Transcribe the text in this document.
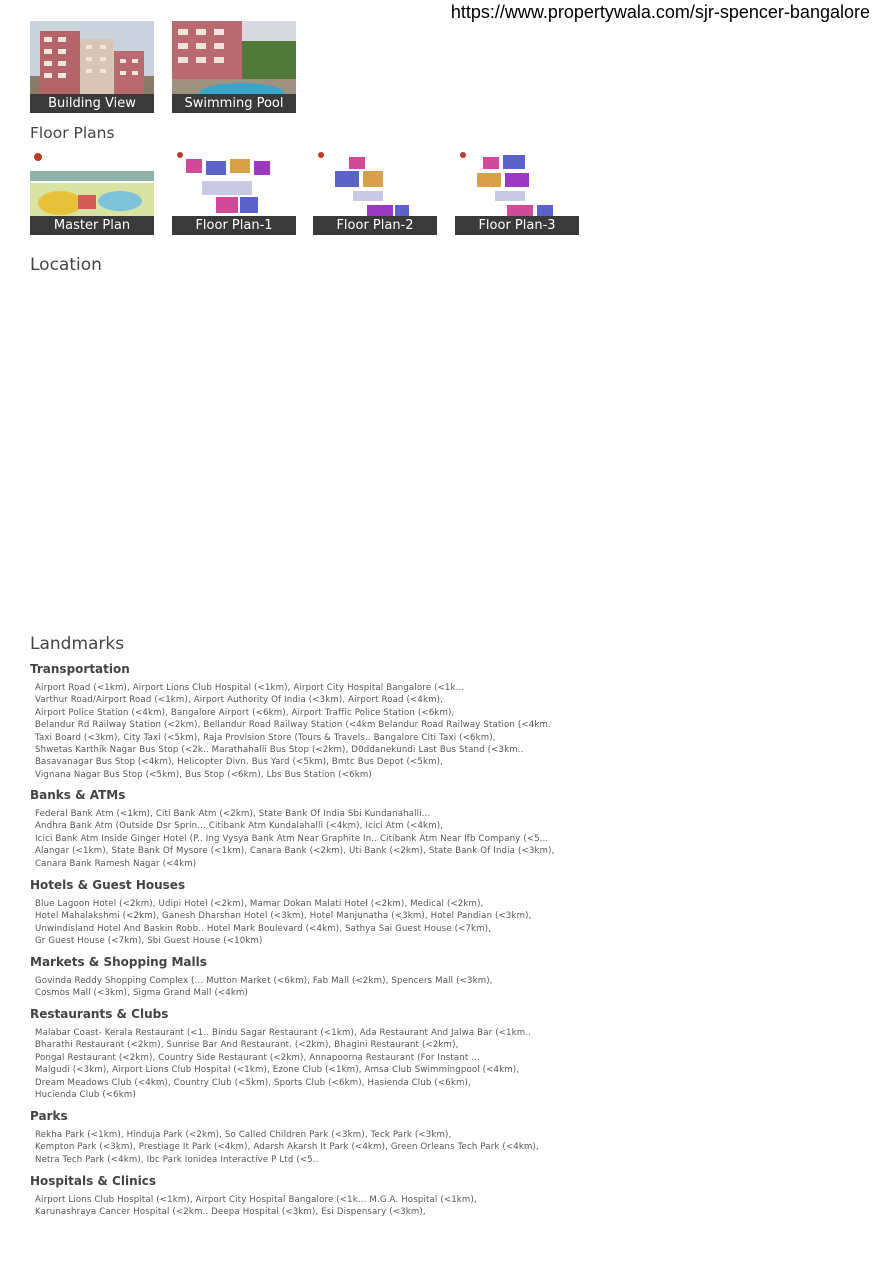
https://www.propertywala.com/sjr-spencer-bangalore
Building View	Swimming Pool
Floor Plans
Master Plan	Floor Plan-1	Floor Plan-2	Floor Plan-3
Location
Landmarks
Transportation
Airport Road (<1km), Airport Lions Club Hospital (<1km), Airport City Hospital Bangalore (<1k...
Varthur Road/Airport Road (<1km), Airport Authority Of India (<3km), Airport Road (<4km),
Airport Police Station (<4km), Bangalore Airport (<6km), Airport Traffic Police Station (<6km),
Belandur Rd Railway Station (<2km), Bellandur Road Railway Station (<4km Belandur Road Railway Station (<4km.
Taxi Board (<3km), City Taxi (<5km), Raja Provision Store (Tours & Travels.. Bangalore Citi Taxi (<6km),
Shwetas Karthik Nagar Bus Stop (<2k.. Marathahalli Bus Stop (<2km), D0ddanekundi Last Bus Stand (<3km..
Basavanagar Bus Stop (<4km), Helicopter Divn. Bus Yard (<5km), Bmtc Bus Depot (<5km),
Vignana Nagar Bus Stop (<5km), Bus Stop (<6km), Lbs Bus Station (<6km)
Banks & ATMs
Federal Bank Atm (<1km), Citi Bank Atm (<2km), State Bank Of India Sbi Kundanahalli...
Andhra Bank Atm (Outside Dsr Sprin... Citibank Atm Kundalahalli (<4km), Icici Atm (<4km),
Icici Bank Atm Inside Ginger Hotel (P.. Ing Vysya Bank Atm Near Graphite In.. Citibank Atm Near Ifb Company (<5...
Alangar (<1km), State Bank Of Mysore (<1km), Canara Bank (<2km), Uti Bank (<2km), State Bank Of India (<3km),
Canara Bank Ramesh Nagar (<4km)
Hotels & Guest Houses
Blue Lagoon Hotel (<2km), Udipi Hotel (<2km), Mamar Dokan Malati Hotel (<2km), Medical (<2km),
Hotel Mahalakshmi (<2km), Ganesh Dharshan Hotel (<3km), Hotel Manjunatha (<3km), Hotel Pandian (<3km),
Unwindisland Hotel And Baskin Robb.. Hotel Mark Boulevard (<4km), Sathya Sai Guest House (<7km),
Gr Guest House (<7km), Sbi Guest House (<10km)
Markets & Shopping Malls
Govinda Reddy Shopping Complex (... Mutton Market (<6km), Fab Mall (<2km), Spencers Mall (<3km),
Cosmos Mall (<3km), Sigma Grand Mall (<4km)
Restaurants & Clubs
Malabar Coast- Kerala Restaurant (<1.. Bindu Sagar Restaurant (<1km), Ada Restaurant And Jalwa Bar (<1km..
Bharathi Restaurant (<2km), Sunrise Bar And Restaurant. (<2km), Bhagini Restaurant (<2km),
Pongal Restaurant (<2km), Country Side Restaurant (<2km), Annapoorna Restaurant (For Instant ...
Malgudi (<3km), Airport Lions Club Hospital (<1km), Ezone Club (<1km), Amsa Club Swimmingpool (<4km),
Dream Meadows Club (<4km), Country Club (<5km), Sports Club (<6km), Hasienda Club (<6km),
Hucienda Club (<6km)
Parks
Rekha Park (<1km), Hinduja Park (<2km), So Called Children Park (<3km), Teck Park (<3km),
Kempton Park (<3km), Prestiage It Park (<4km), Adarsh Akarsh It Park (<4km), Green Orleans Tech Park (<4km),
Netra Tech Park (<4km), Ibc Park Ionidea Interactive P Ltd (<5..
Hospitals & Clinics
Airport Lions Club Hospital (<1km), Airport City Hospital Bangalore (<1k... M.G.A. Hospital (<1km),
Karunashraya Cancer Hospital (<2km.. Deepa Hospital (<3km), Esi Dispensary (<3km),
